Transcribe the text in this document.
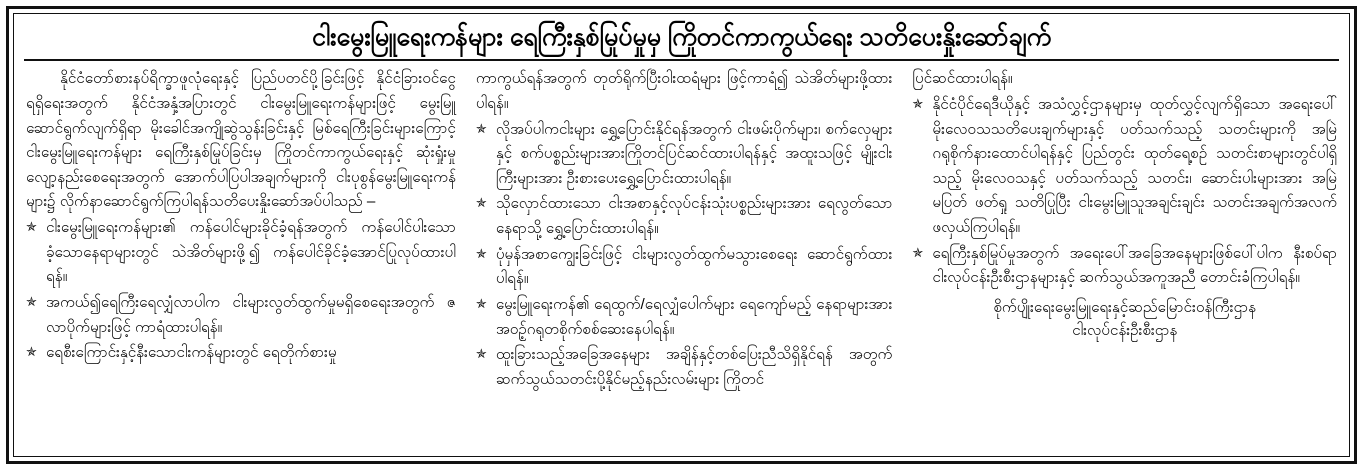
ငါးမွေးမြူရေးကန်များ ရေကြီးနှစ်မြုပ်မှုမှ ကြိုတင်ကာကွယ်ရေး သတိပေးနှိုးဆော်ချက်

နိုင်ငံတော်စားနပ်ရိက္ခာဖူလုံရေးနှင့် ပြည်ပတင်ပို့ခြင်းဖြင့် နိုင်ငံခြားဝင်ငွေရရှိရေးအတွက် နိုင်ငံအနှံ့အပြားတွင် ငါးမွေးမြူရေးကန်များဖြင့် မွေးမြူဆောင်ရွက်လျက်ရှိရာ မိုးခေါင်အကျိုဆွဲသွန်းခြင်းနှင့် မြစ်ရေကြီးခြင်းများကြောင့် ငါးမွေးမြူရေးကန်များ ရေကြီးနှစ်မြုပ်ခြင်းမှ ကြိုတင်ကာကွယ်ရေးနှင့် ဆုံးရှုံးမှုလျော့နည်းစေရေးအတွက် အောက်ပါပြပါအချက်များကို ငါးပုစွန်မွေးမြူရေးကန်များ၌ လိုက်နာဆောင်ရွက်ကြပါရန်သတိပေးနှိုးဆော်အပ်ပါသည် –

✯ ငါးမွေးမြူရေးကန်များ၏ ကန်ပေါင်များခိုင်ခံ့ရန်အတွက် ကန်ပေါင်ပါးသောခံ့သောနေရာများတွင် သဲအိတ်များဖို့၍ ကန်ပေါင်ခိုင်ခံ့အောင်ပြုလုပ်ထားပါရန်။
✯ အကယ်၍ရေကြီးရေလျှံလာပါက ငါးများလွတ်ထွက်မှုမရှိစေရေးအတွက် ဇလာပိုက်များဖြင့် ကာရံထားပါရန်။
✯ ရေစီးကြောင်းနှင့်နီးသောငါးကန်များတွင် ရေတိုက်စားမှု

ကာကွယ်ရန်အတွက် တုတ်ရိုက်ပြီးဝါးထရံများ ဖြင့်ကာရံ၍ သဲအိတ်များဖို့ထားပါရန်။

✯ လိုအပ်ပါကငါးများ ရွှေ့ပြောင်းနိုင်ရန်အတွက် ငါးဖမ်းပိုက်များ၊ စက်လှေများနှင့် စက်ပစ္စည်းများအားကြိုတင်ပြင်ဆင်ထားပါရန်နှင့် အထူးသဖြင့် မျိုးငါးကြီးများအား ဦးစားပေးရွှေ့ပြောင်းထားပါရန်။
✯ သိုလှောင်ထားသော ငါးအစာနှင့်လုပ်ငန်းသုံးပစ္စည်းများအား ရေလွတ်သောနေရာသို့ ရွှေ့ပြောင်းထားပါရန်။
✯ ပုံမှန်အစာကျွေးခြင်းဖြင့် ငါးများလွတ်ထွက်မသွားစေရေး ဆောင်ရွက်ထားပါရန်။
✯ မွေးမြူရေးကန်၏ ရေထွက်/ရေလျှံပေါက်များ ရေကျော်မည့် နေရာများအား အဝဥ့်ဂရုတစိုက်စစ်ဆေးနေပါရန်။
✯ ထူးခြားသည့်အခြေအနေများ အချိန်နှင့်တစ်ပြေးညီသိရှိနိုင်ရန် အတွက်ဆက်သွယ်သတင်းပို့နိုင်မည့်နည်းလမ်းများ ကြိုတင်

ပြင်ဆင်ထားပါရန်။

✯ နိုင်ငံပိုင်ရေဒီယိုနှင့် အသံလွှင့်ဌာနများမှ ထုတ်လွှင့်လျက်ရှိသော အရေးပေါ်မိုးလေဝသသတိပေးချက်များနှင့် ပတ်သက်သည့် သတင်းများကို အမြဲဂရုစိုက်နားထောင်ပါရန်နှင့် ပြည်တွင်း ထုတ်ရေ့စဉ် သတင်းစာများတွင်ပါရှိသည့် မိုးလေဝသနှင့် ပတ်သက်သည့် သတင်း၊ ဆောင်းပါးများအား အမြဲမပြတ် ဖတ်ရှု သတိပြုပြီး ငါးမွေးမြူသူအချင်းချင်း သတင်းအချက်အလက် ဖလှယ်ကြပါရန်။
✯ ရေကြီးနှစ်မြုပ်မှုအတွက် အရေးပေါ်အခြေအနေများဖြစ်ပေါ်ပါက နီးစပ်ရာငါးလုပ်ငန်းဦးစီးဌာနများနှင့် ဆက်သွယ်အကူအညီ တောင်းခံကြပါရန်။
စိုက်ပျိုးရေးမွေးမြူရေးနှင့်ဆည်မြောင်းဝန်ကြီးဌာန
ငါးလုပ်ငန်းဦးစီးဌာန
